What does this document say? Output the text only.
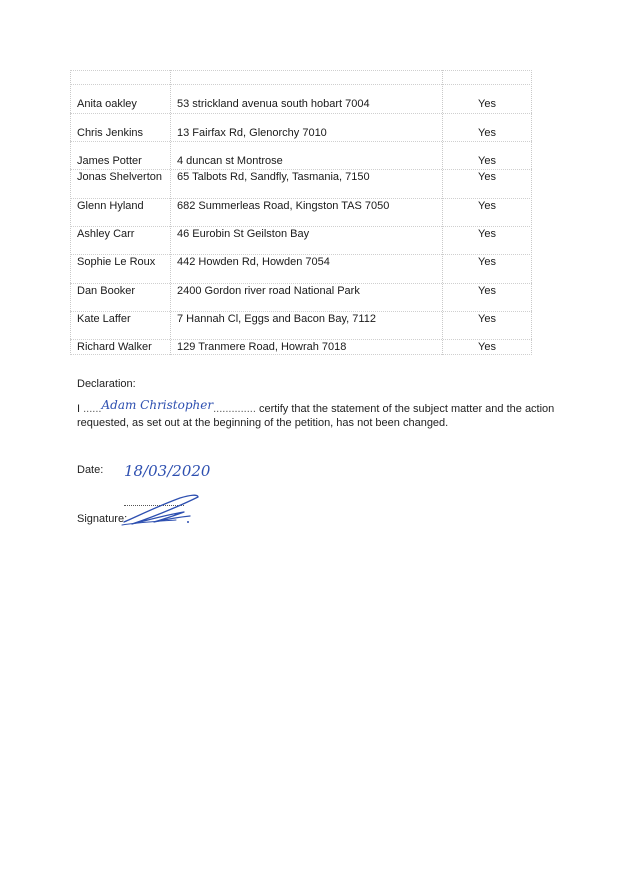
Anita oakley	53 strickland avenua south hobart 7004	Yes
Chris Jenkins	13 Fairfax Rd, Glenorchy 7010	Yes
James Potter	4 duncan st Montrose	Yes
Jonas Shelverton 65 Talbots Rd, Sandfly, Tasmania, 7150	Yes
Glenn Hyland	682 Summerleas Road, Kingston TAS 7050	Yes
Ashley Carr	46 Eurobin St Geilston Bay	Yes
Sophie Le Roux 442 Howden Rd, Howden 7054	Yes
Dan Booker	2400 Gordon river road National Park	Yes
Kate Laffer	7 Hannah Cl, Eggs and Bacon Bay, 7112	Yes
Richard Walker 129 Tranmere Road, Howrah 7018	Yes
Declaration:
I ......Adam Christopher.............. certify that the statement of the subject matter and the action
requested, as set out at the beginning of the petition, has not been changed.
Date: 18/03/2020
Signature:
